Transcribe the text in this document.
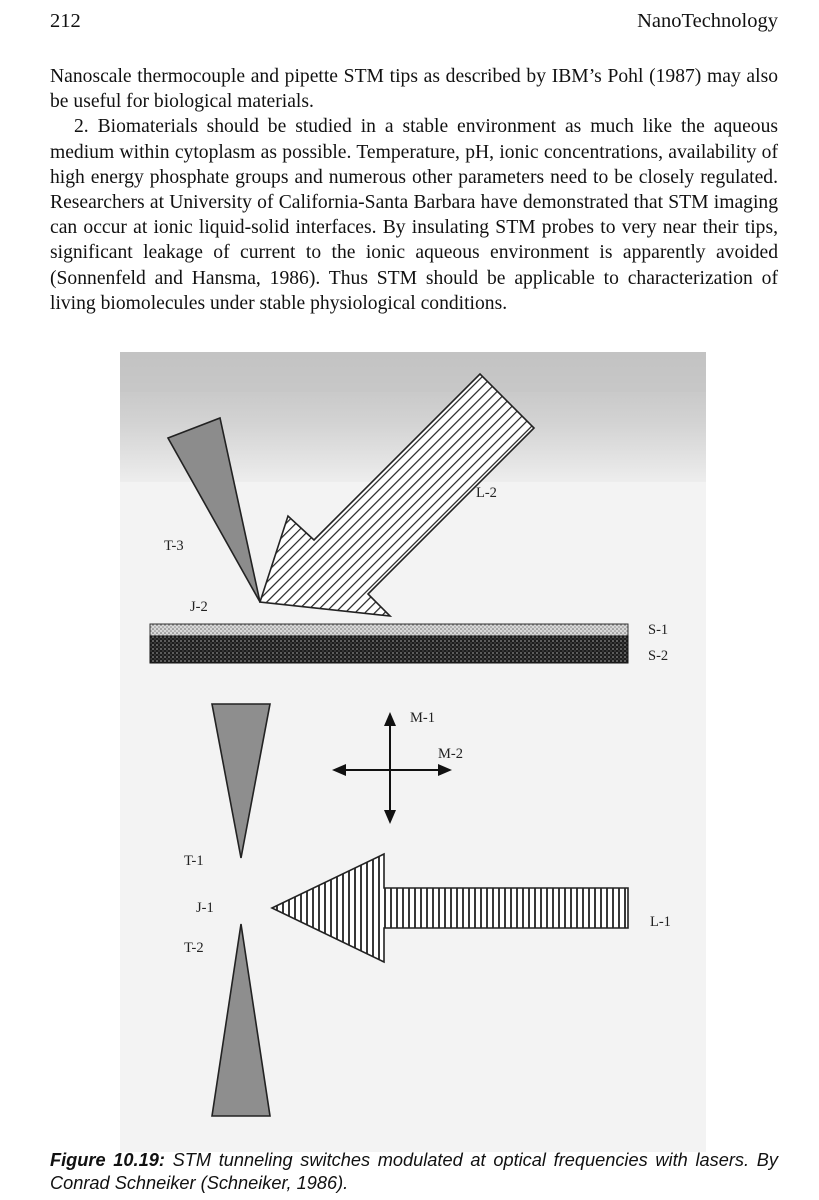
212	NanoTechnology

Nanoscale thermocouple and pipette STM tips as described by IBM’s Pohl (1987) may also be useful for biological materials.

2. Biomaterials should be studied in a stable environment as much like the aqueous medium within cytoplasm as possible. Temperature, pH, ionic concentrations, availability of high energy phosphate groups and numerous other parameters need to be closely regulated. Researchers at University of California-Santa Barbara have demonstrated that STM imaging can occur at ionic liquid-solid interfaces. By insulating STM probes to very near their tips, significant leakage of current to the ionic aqueous environment is apparently avoided (Sonnenfeld and Hansma, 1986). Thus STM should be applicable to characterization of living biomolecules under stable physiological conditions.

L-2
T-3
J-2
S-1
S-2
M-1
M-2
T-1
J-1
T-2
L-1
Figure 10.19: STM tunneling switches modulated at optical frequencies with lasers. By Conrad Schneiker (Schneiker, 1986).
